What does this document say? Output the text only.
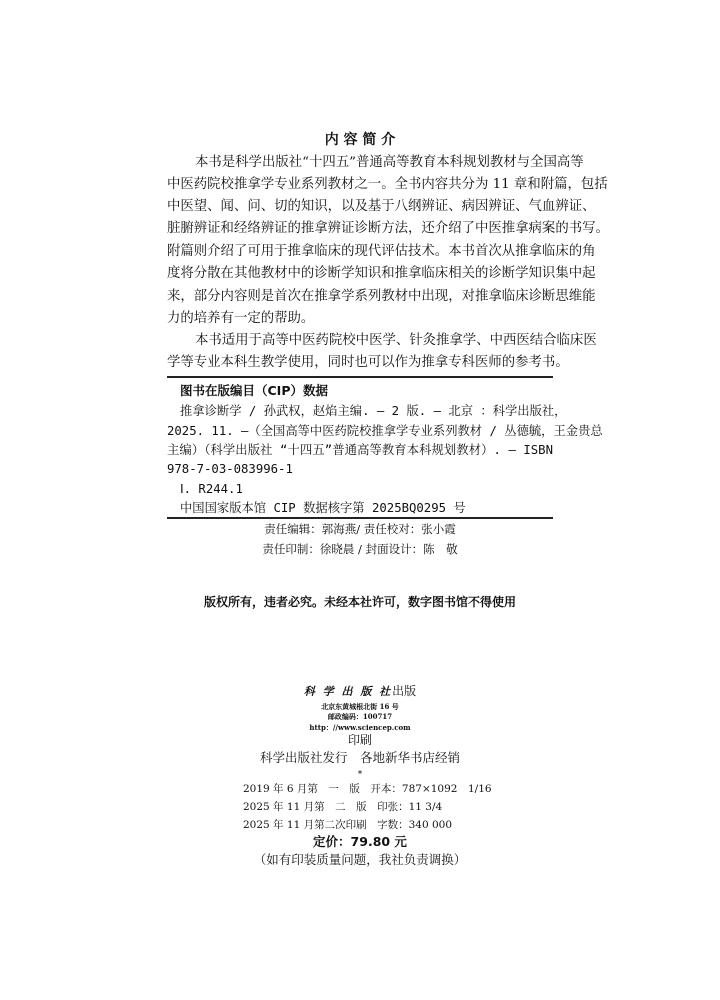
内 容 简 介
本书是科学出版社“十四五”普通高等教育本科规划教材与全国高等
中医药院校推拿学专业系列教材之一。全书内容共分为 11 章和附篇，包括
中医望、闻、问、切的知识，以及基于八纲辨证、病因辨证、气血辨证、
脏腑辨证和经络辨证的推拿辨证诊断方法，还介绍了中医推拿病案的书写。
附篇则介绍了可用于推拿临床的现代评估技术。本书首次从推拿临床的角
度将分散在其他教材中的诊断学知识和推拿临床相关的诊断学知识集中起
来，部分内容则是首次在推拿学系列教材中出现，对推拿临床诊断思维能
力的培养有一定的帮助。
本书适用于高等中医药院校中医学、针灸推拿学、中西医结合临床医
学等专业本科生教学使用，同时也可以作为推拿专科医师的参考书。
图书在版编目（CIP）数据
推拿诊断学 / 孙武权，赵焰主编. — 2 版. — 北京 ：科学出版社，
2025. 11. —（全国高等中医药院校推拿学专业系列教材 / 丛德毓，王金贵总
主编）（科学出版社 “十四五”普通高等教育本科规划教材）. — ISBN
978-7-03-083996-1
Ⅰ. R244.1
中国国家版本馆 CIP 数据核字第 2025BQ0295 号
责任编辑：郭海燕/ 责任校对：张小霞
责任印制：徐晓晨 / 封面设计：陈　敬
版权所有，违者必究。未经本社许可，数字图书馆不得使用
科 学 出 版 社出版
北京东黄城根北街 16 号
邮政编码：100717
http：//www.sciencep.com
印刷
科学出版社发行　各地新华书店经销
*
2019 年 6 月第　一　版　开本：787×1092　1/16
2025 年 11 月第　二　版　印张：11 3/4
2025 年 11 月第二次印刷　字数：340 000
定价：79.80 元
（如有印装质量问题，我社负责调换）
